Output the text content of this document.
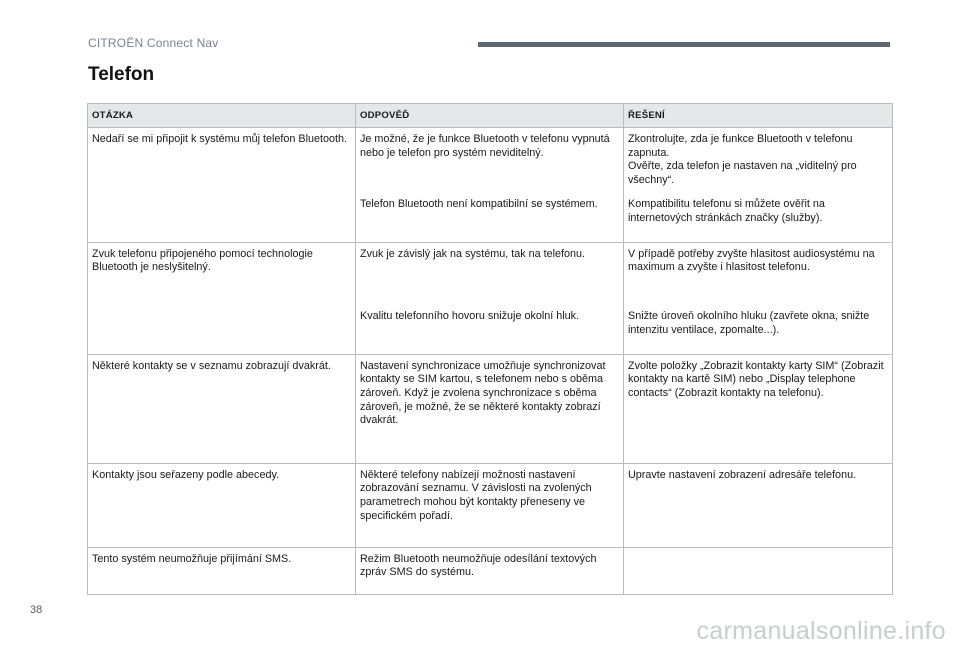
CITROËN Connect Nav
Telefon
OTÁZKA	ODPOVĚĎ	ŘEŠENÍ

Nedaří se mi připojit k systému můj telefon Bluetooth.	Je možné, že je funkce Bluetooth v telefonu vypnutá nebo je telefon pro systém neviditelný.	Zkontrolujte, zda je funkce Bluetooth v telefonu zapnuta.
Ověřte, zda telefon je nastaven na „viditelný pro všechny“.

	Telefon Bluetooth není kompatibilní se systémem.	Kompatibilitu telefonu si můžete ověřit na internetových stránkách značky (služby).

Zvuk telefonu připojeného pomocí technologie Bluetooth je neslyšitelný.	Zvuk je závislý jak na systému, tak na telefonu.	V případě potřeby zvyšte hlasitost audiosystému na maximum a zvyšte i hlasitost telefonu.

	Kvalitu telefonního hovoru snižuje okolní hluk.	Snižte úroveň okolního hluku (zavřete okna, snižte intenzitu ventilace, zpomalte...).

Některé kontakty se v seznamu zobrazují dvakrát.	Nastavení synchronizace umožňuje synchronizovat kontakty se SIM kartou, s telefonem nebo s oběma zároveň. Když je zvolena synchronizace s oběma zároveň, je možné, že se některé kontakty zobrazí dvakrát.	Zvolte položky „Zobrazit kontakty karty SIM“ (Zobrazit kontakty na kartě SIM) nebo „Display telephone contacts“ (Zobrazit kontakty na telefonu).

Kontakty jsou seřazeny podle abecedy.	Některé telefony nabízejí možnosti nastavení zobrazování seznamu. V závislosti na zvolených parametrech mohou být kontakty přeneseny ve specifickém pořadí.	Upravte nastavení zobrazení adresáře telefonu.

Tento systém neumožňuje přijímání SMS.	Režim Bluetooth neumožňuje odesílání textových zpráv SMS do systému.	

38
carmanualsonline.info
